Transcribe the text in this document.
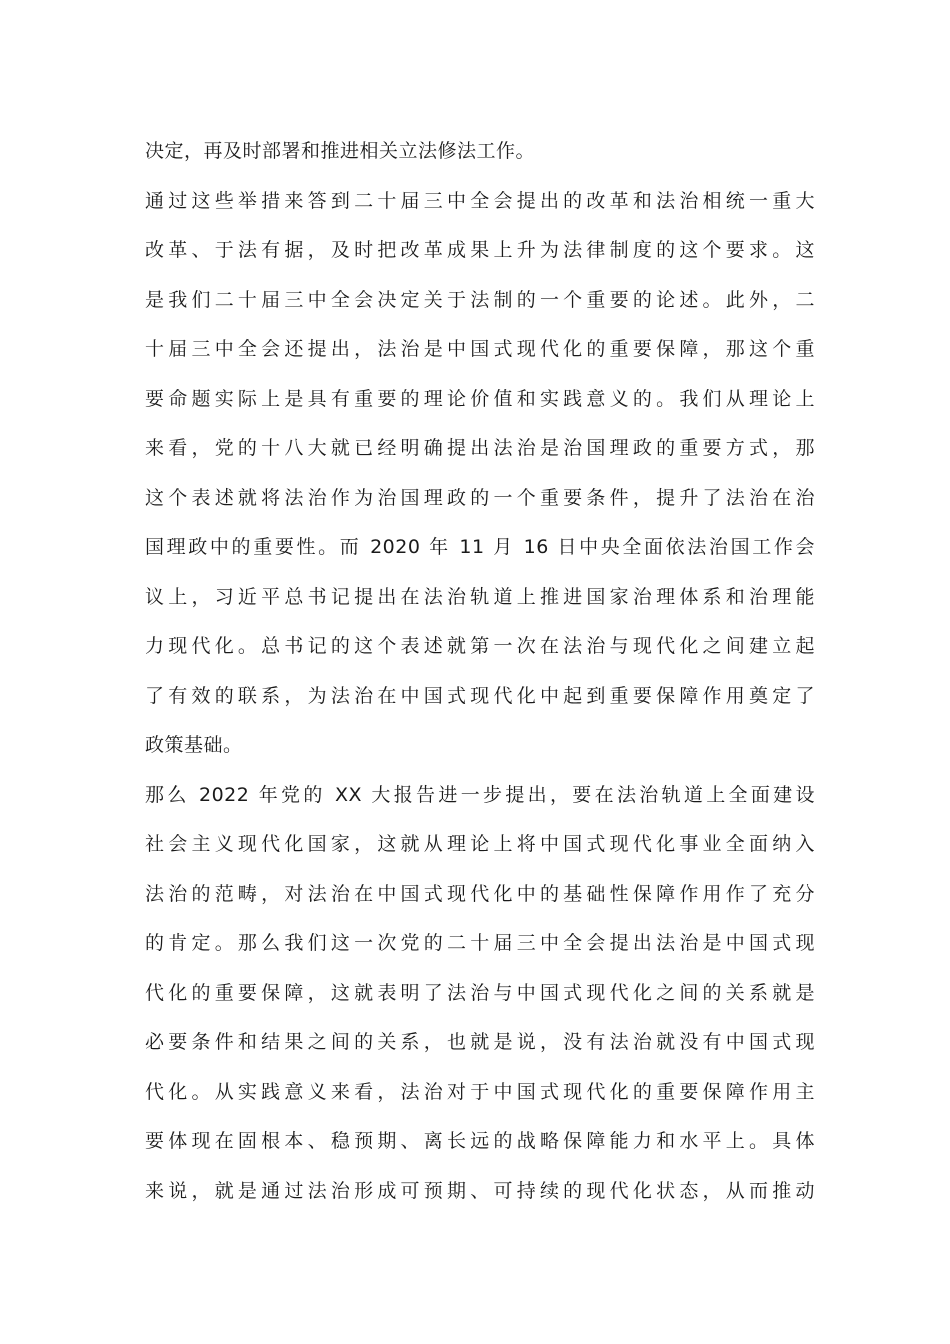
决定，再及时部署和推进相关立法修法工作。
通过这些举措来答到二十届三中全会提出的改革和法治相统一重大
改革、于法有据，及时把改革成果上升为法律制度的这个要求。这
是我们二十届三中全会决定关于法制的一个重要的论述。此外，二
十届三中全会还提出，法治是中国式现代化的重要保障，那这个重
要命题实际上是具有重要的理论价值和实践意义的。我们从理论上
来看，党的十八大就已经明确提出法治是治国理政的重要方式，那
这个表述就将法治作为治国理政的一个重要条件，提升了法治在治
国理政中的重要性。而 2020 年 11 月 16 日中央全面依法治国工作会
议上，习近平总书记提出在法治轨道上推进国家治理体系和治理能
力现代化。总书记的这个表述就第一次在法治与现代化之间建立起
了有效的联系，为法治在中国式现代化中起到重要保障作用奠定了
政策基础。
那么 2022 年党的 XX 大报告进一步提出，要在法治轨道上全面建设
社会主义现代化国家，这就从理论上将中国式现代化事业全面纳入
法治的范畴，对法治在中国式现代化中的基础性保障作用作了充分
的肯定。那么我们这一次党的二十届三中全会提出法治是中国式现
代化的重要保障，这就表明了法治与中国式现代化之间的关系就是
必要条件和结果之间的关系，也就是说，没有法治就没有中国式现
代化。从实践意义来看，法治对于中国式现代化的重要保障作用主
要体现在固根本、稳预期、离长远的战略保障能力和水平上。具体
来说，就是通过法治形成可预期、可持续的现代化状态，从而推动
